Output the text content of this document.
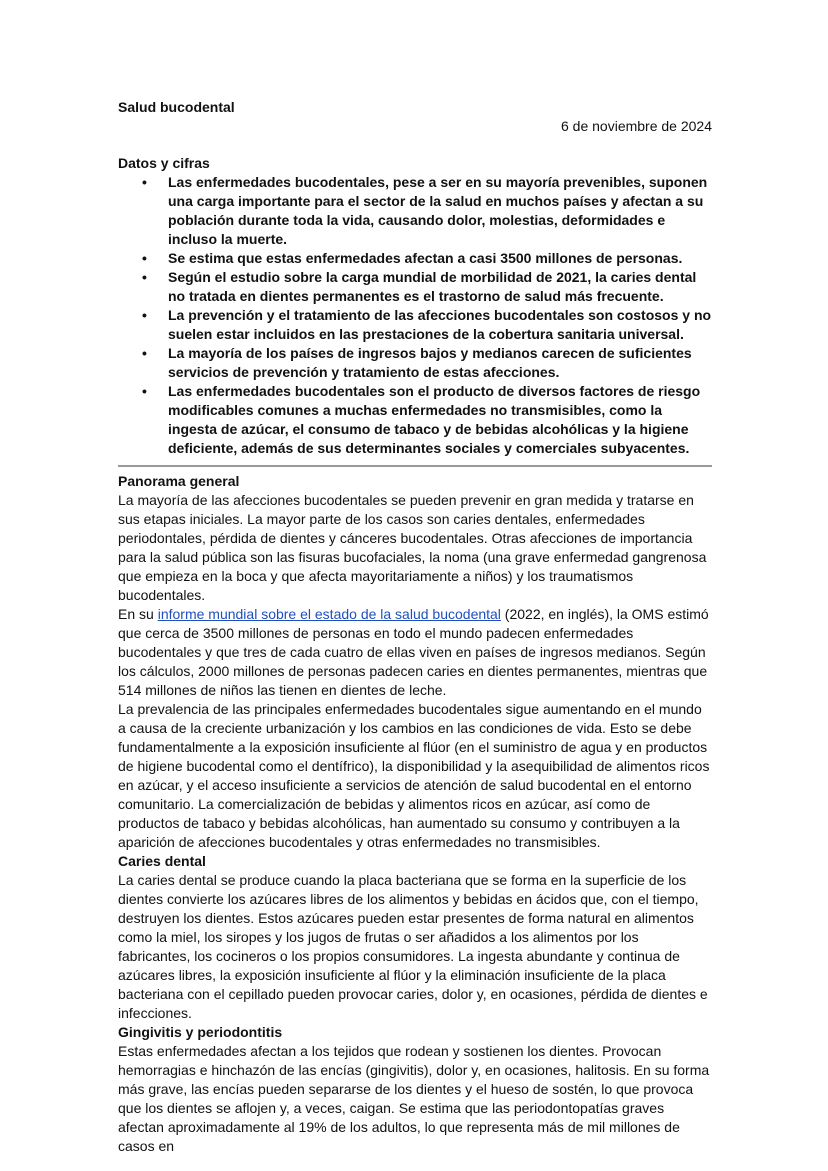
Salud bucodental

6 de noviembre de 2024

Datos y cifras

• Las enfermedades bucodentales, pese a ser en su mayoría prevenibles, suponen una carga importante para el sector de la salud en muchos países y afectan a su población durante toda la vida, causando dolor, molestias, deformidades e incluso la muerte.
• Se estima que estas enfermedades afectan a casi 3500 millones de personas.
• Según el estudio sobre la carga mundial de morbilidad de 2021, la caries dental no tratada en dientes permanentes es el trastorno de salud más frecuente.
• La prevención y el tratamiento de las afecciones bucodentales son costosos y no suelen estar incluidos en las prestaciones de la cobertura sanitaria universal.
• La mayoría de los países de ingresos bajos y medianos carecen de suficientes servicios de prevención y tratamiento de estas afecciones.
• Las enfermedades bucodentales son el producto de diversos factores de riesgo modificables comunes a muchas enfermedades no transmisibles, como la ingesta de azúcar, el consumo de tabaco y de bebidas alcohólicas y la higiene deficiente, además de sus determinantes sociales y comerciales subyacentes.

Panorama general

La mayoría de las afecciones bucodentales se pueden prevenir en gran medida y tratarse en sus etapas iniciales. La mayor parte de los casos son caries dentales, enfermedades periodontales, pérdida de dientes y cánceres bucodentales. Otras afecciones de importancia para la salud pública son las fisuras bucofaciales, la noma (una grave enfermedad gangrenosa que empieza en la boca y que afecta mayoritariamente a niños) y los traumatismos bucodentales.

En su informe mundial sobre el estado de la salud bucodental (2022, en inglés), la OMS estimó que cerca de 3500 millones de personas en todo el mundo padecen enfermedades bucodentales y que tres de cada cuatro de ellas viven en países de ingresos medianos. Según los cálculos, 2000 millones de personas padecen caries en dientes permanentes, mientras que 514 millones de niños las tienen en dientes de leche.

La prevalencia de las principales enfermedades bucodentales sigue aumentando en el mundo a causa de la creciente urbanización y los cambios en las condiciones de vida. Esto se debe fundamentalmente a la exposición insuficiente al flúor (en el suministro de agua y en productos de higiene bucodental como el dentífrico), la disponibilidad y la asequibilidad de alimentos ricos en azúcar, y el acceso insuficiente a servicios de atención de salud bucodental en el entorno comunitario. La comercialización de bebidas y alimentos ricos en azúcar, así como de productos de tabaco y bebidas alcohólicas, han aumentado su consumo y contribuyen a la aparición de afecciones bucodentales y otras enfermedades no transmisibles.

Caries dental

La caries dental se produce cuando la placa bacteriana que se forma en la superficie de los dientes convierte los azúcares libres de los alimentos y bebidas en ácidos que, con el tiempo, destruyen los dientes. Estos azúcares pueden estar presentes de forma natural en alimentos como la miel, los siropes y los jugos de frutas o ser añadidos a los alimentos por los fabricantes, los cocineros o los propios consumidores. La ingesta abundante y continua de azúcares libres, la exposición insuficiente al flúor y la eliminación insuficiente de la placa bacteriana con el cepillado pueden provocar caries, dolor y, en ocasiones, pérdida de dientes e infecciones.

Gingivitis y periodontitis

Estas enfermedades afectan a los tejidos que rodean y sostienen los dientes. Provocan hemorragias e hinchazón de las encías (gingivitis), dolor y, en ocasiones, halitosis. En su forma más grave, las encías pueden separarse de los dientes y el hueso de sostén, lo que provoca que los dientes se aflojen y, a veces, caigan. Se estima que las periodontopatías graves afectan aproximadamente al 19% de los adultos, lo que representa más de mil millones de casos en
